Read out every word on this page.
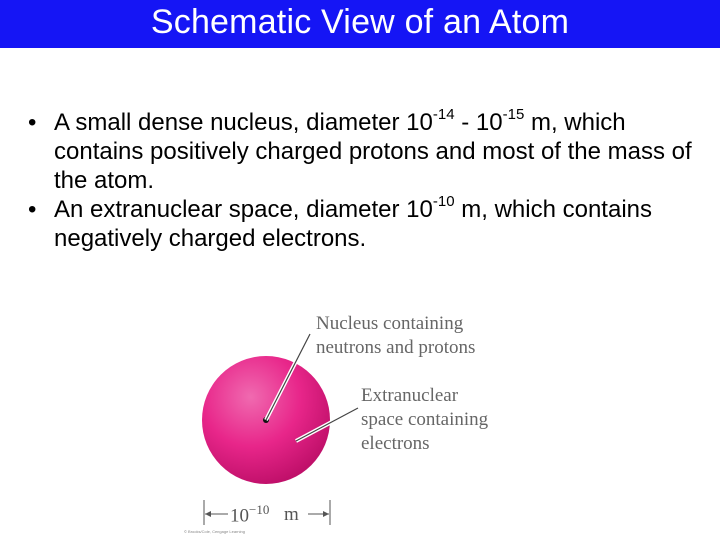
Schematic View of an Atom
• A small dense nucleus, diameter $10^{-14} - 10^{-15}$ m, which contains positively charged protons and most of the mass of the atom.
• An extranuclear space, diameter $10^{-10}$ m, which contains negatively charged electrons.
Nucleus containing
neutrons and protons
Extranuclear
space containing
electrons
$10^{-10}$ m
© Brooks/Cole, Cengage Learning
